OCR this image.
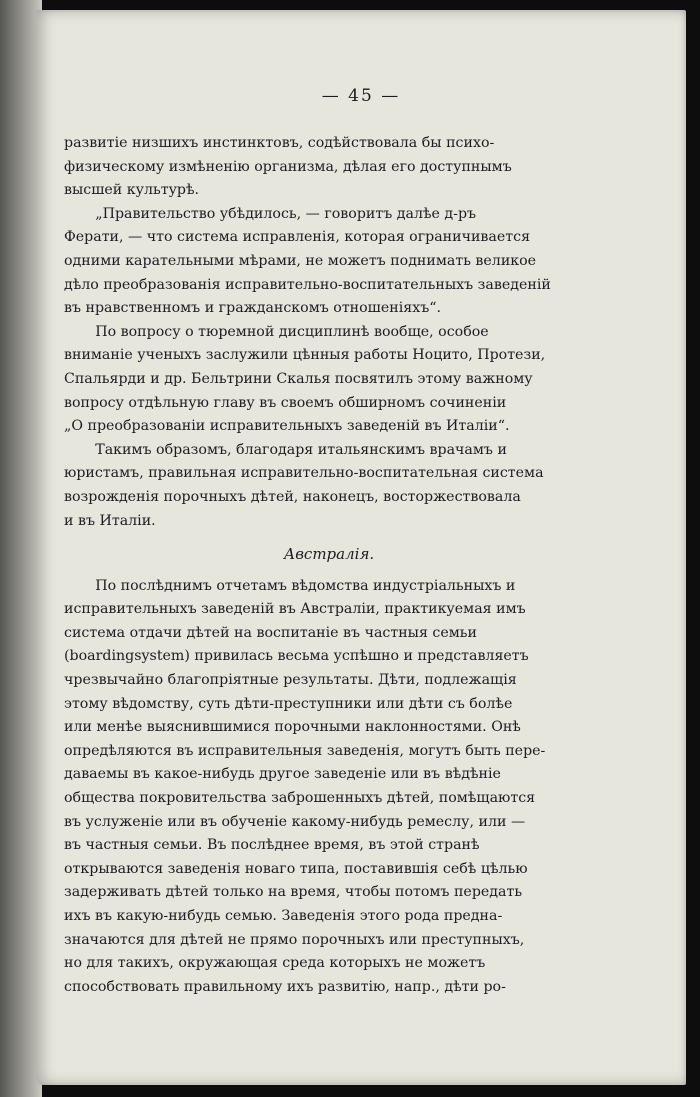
— 45 —

развитіе низшихъ инстинктовъ, содѣйствовала бы психо-
физическому измѣненію организма, дѣлая его доступнымъ
высшей культурѣ.

„Правительство убѣдилось, — говоритъ далѣе д-ръ
Ферати, — что система исправленія, которая ограничивается
одними карательными мѣрами, не можетъ поднимать великое
дѣло преобразованія исправительно-воспитательныхъ заведеній
въ нравственномъ и гражданскомъ отношеніяхъ“.

По вопросу о тюремной дисциплинѣ вообще, особое
вниманіе ученыхъ заслужили цѣнныя работы Ноцито, Протези,
Спальярди и др. Бельтрини Скалья посвятилъ этому важному
вопросу отдѣльную главу въ своемъ обширномъ сочиненіи
„О преобразованіи исправительныхъ заведеній въ Италіи“.

Такимъ образомъ, благодаря итальянскимъ врачамъ и
юристамъ, правильная исправительно-воспитательная система
возрожденія порочныхъ дѣтей, наконецъ, восторжествовала
и въ Италіи.

Австралія.

По послѣднимъ отчетамъ вѣдомства индустріальныхъ и
исправительныхъ заведеній въ Австраліи, практикуемая имъ
система отдачи дѣтей на воспитаніе въ частныя семьи
(boardingsystem) привилась весьма успѣшно и представляетъ
чрезвычайно благопріятные результаты. Дѣти, подлежащія
этому вѣдомству, суть дѣти-преступники или дѣти съ болѣе
или менѣе выяснившимися порочными наклонностями. Онѣ
опредѣляются въ исправительныя заведенія, могутъ быть пере-
даваемы въ какое-нибудь другое заведеніе или въ вѣдѣніе
общества покровительства заброшенныхъ дѣтей, помѣщаются
въ услуженіе или въ обученіе какому-нибудь ремеслу, или —
въ частныя семьи. Въ послѣднее время, въ этой странѣ
открываются заведенія новаго типа, поставившія себѣ цѣлью
задерживать дѣтей только на время, чтобы потомъ передать
ихъ въ какую-нибудь семью. Заведенія этого рода предна-
значаются для дѣтей не прямо порочныхъ или преступныхъ,
но для такихъ, окружающая среда которыхъ не можетъ
способствовать правильному ихъ развитію, напр., дѣти ро-
